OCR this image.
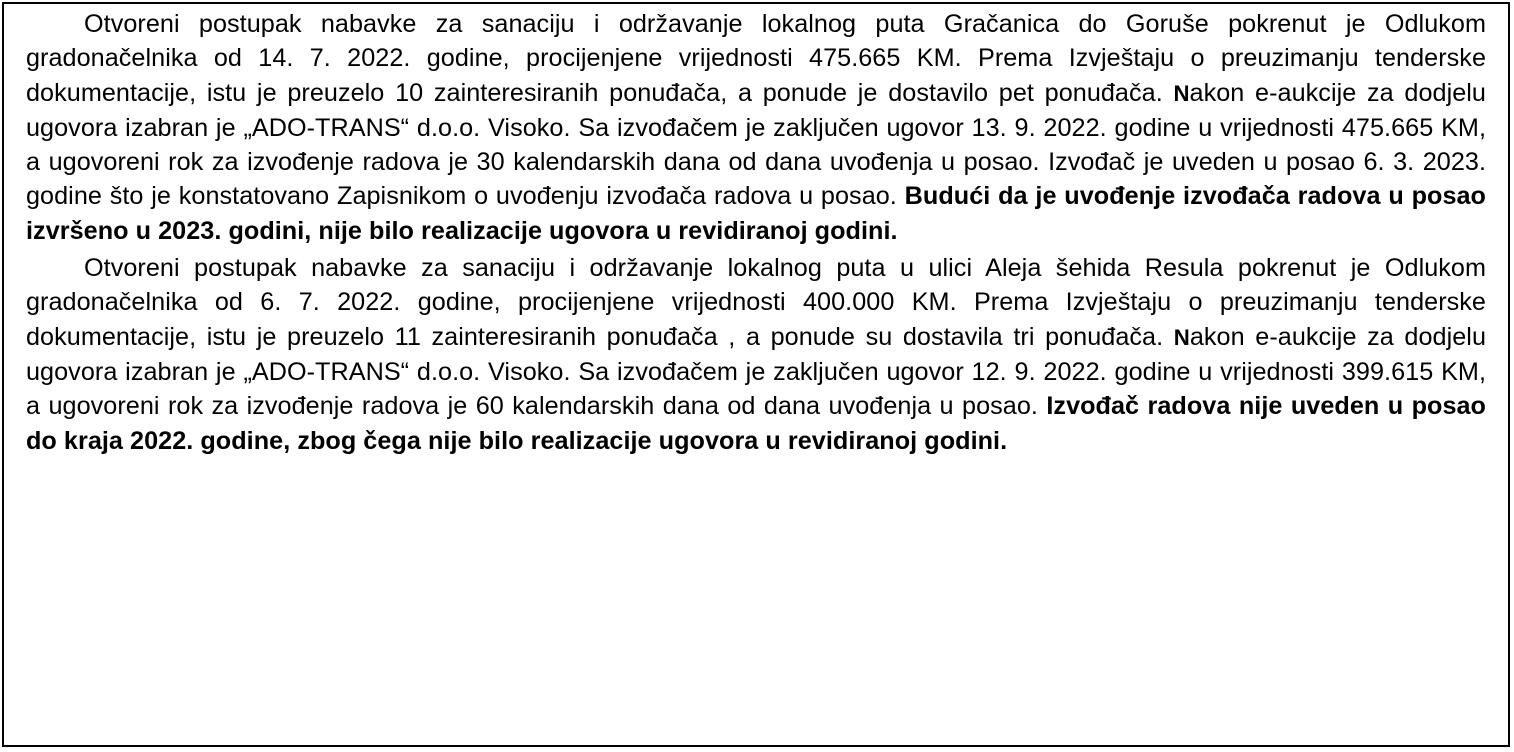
Otvoreni postupak nabavke za sanaciju i održavanje lokalnog puta Gračanica do Goruše pokrenut je Odlukom gradonačelnika od 14. 7. 2022. godine, procijenjene vrijednosti 475.665 KM. Prema Izvještaju o preuzimanju tenderske dokumentacije, istu je preuzelo 10 zainteresiranih ponuđača, a ponude je dostavilo pet ponuđača. Nakon e-aukcije za dodjelu ugovora izabran je „ADO-TRANS“ d.o.o. Visoko. Sa izvođačem je zaključen ugovor 13. 9. 2022. godine u vrijednosti 475.665 KM, a ugovoreni rok za izvođenje radova je 30 kalendarskih dana od dana uvođenja u posao. Izvođač je uveden u posao 6. 3. 2023. godine što je konstatovano Zapisnikom o uvođenju izvođača radova u posao. Budući da je uvođenje izvođača radova u posao izvršeno u 2023. godini, nije bilo realizacije ugovora u revidiranoj godini.

Otvoreni postupak nabavke za sanaciju i održavanje lokalnog puta u ulici Aleja šehida Resula pokrenut je Odlukom gradonačelnika od 6. 7. 2022. godine, procijenjene vrijednosti 400.000 KM. Prema Izvještaju o preuzimanju tenderske dokumentacije, istu je preuzelo 11 zainteresiranih ponuđača , a ponude su dostavila tri ponuđača. Nakon e-aukcije za dodjelu ugovora izabran je „ADO-TRANS“ d.o.o. Visoko. Sa izvođačem je zaključen ugovor 12. 9. 2022. godine u vrijednosti 399.615 KM, a ugovoreni rok za izvođenje radova je 60 kalendarskih dana od dana uvođenja u posao. Izvođač radova nije uveden u posao do kraja 2022. godine, zbog čega nije bilo realizacije ugovora u revidiranoj godini.
